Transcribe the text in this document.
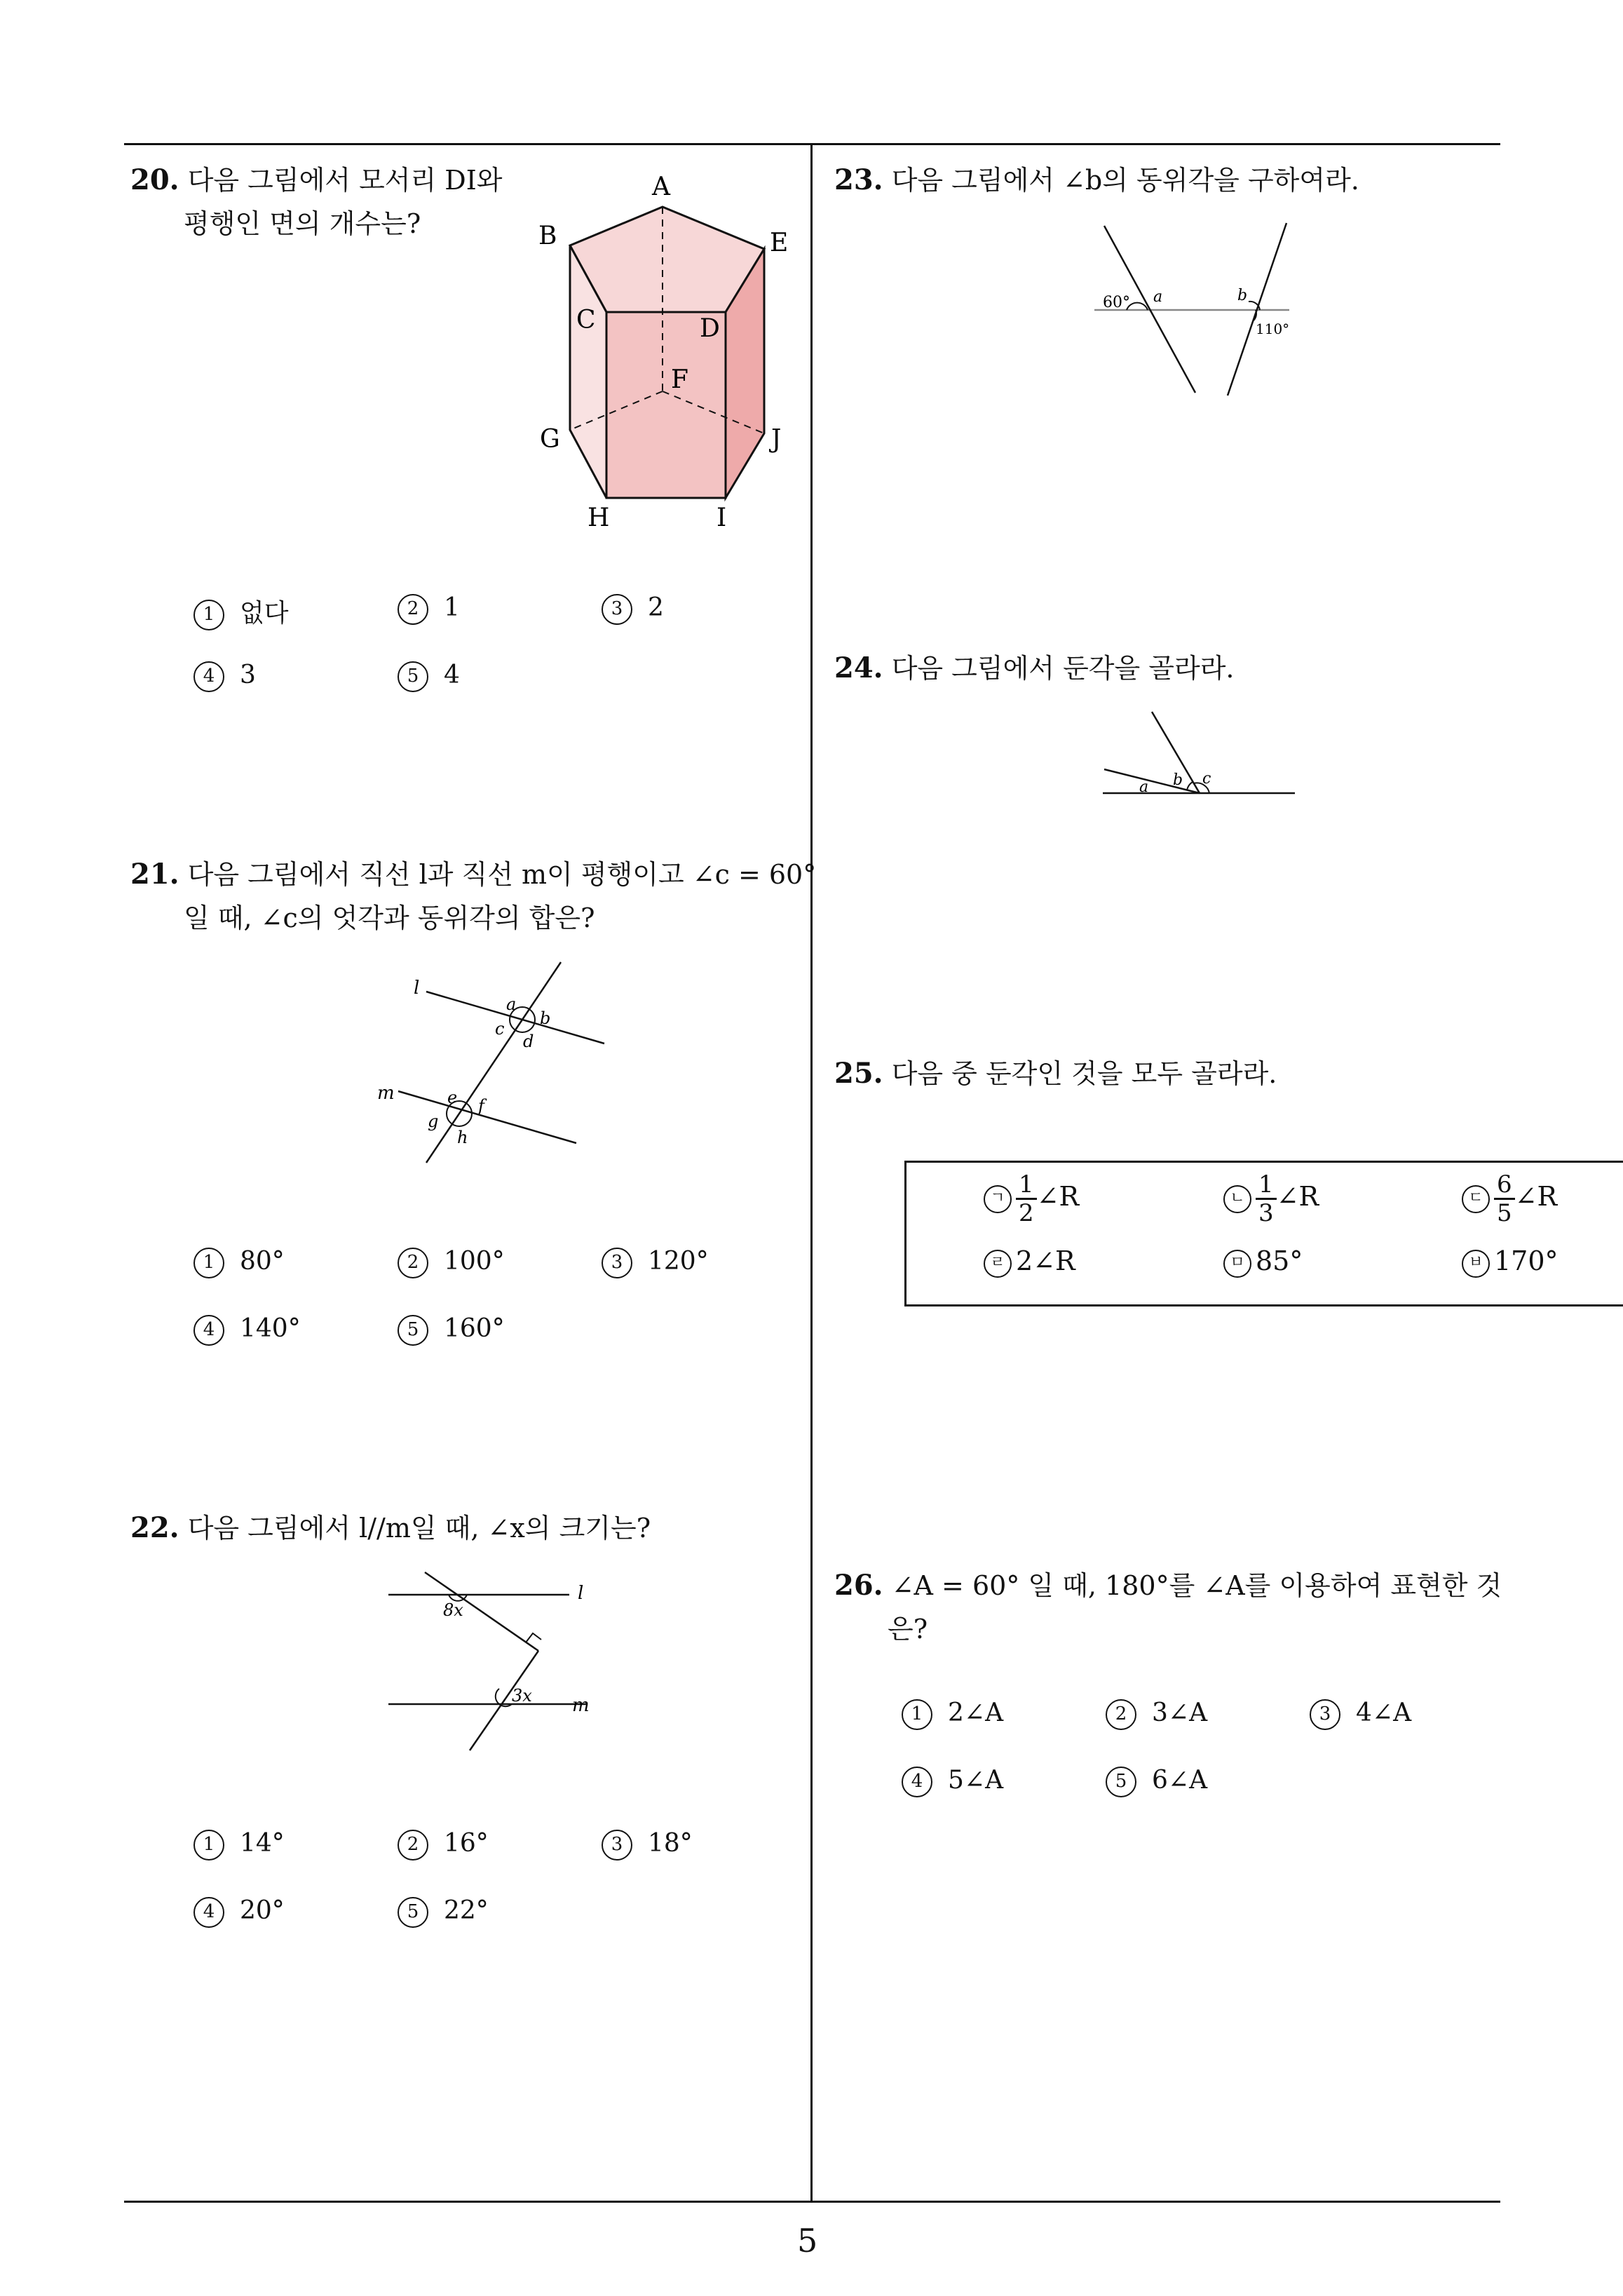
20. 다음 그림에서 모서리 DI와
평행인 면의 개수는?
A
B	E
C	D
F
G	J
H	I
1 없다	2 1	3 2
4 3	5 4
21. 다음 그림에서 직선 l과 직선 m이 평행이고 ∠c = 60°
일 때, ∠c의 엇각과 동위각의 합은?
l
m
a
b
c
d
e f
g
h
1 80°	2 100°	3 120°
4 140°	5 160°
22. 다음 그림에서 l//m일 때, ∠x의 크기는?
l
m
8x
3x
1 14°	2 16°	3 18°
4 20°	5 22°
23. 다음 그림에서 ∠b의 동위각을 구하여라.
60° a	b
110°
24. 다음 그림에서 둔각을 골라라.
a b c
25. 다음 중 둔각인 것을 모두 골라라.
ㄱ $\frac{1}{2}$ ∠R	ㄴ $\frac{1}{3}$ ∠R	ㄷ $\frac{6}{5}$ ∠R
ㄹ 2∠R	ㅁ 85°	ㅂ 170°
26. ∠A = 60° 일 때, 180°를 ∠A를 이용하여 표현한 것
은?
1 2∠A	2 3∠A	3 4∠A
4 5∠A	5 6∠A
5
